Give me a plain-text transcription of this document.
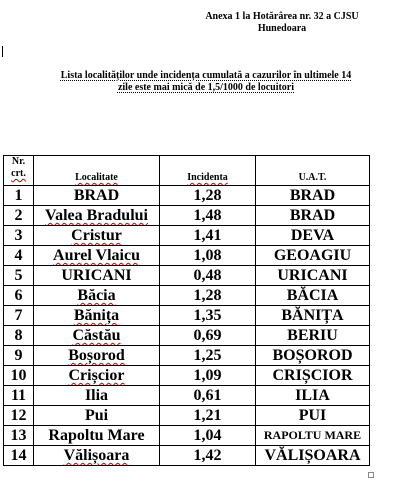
Anexa 1 la Hotărârea nr. 32 a CJSU
Hunedoara
Lista localităților unde incidența cumulată a cazurilor în ultimele 14
zile este mai mică de 1,5/1000 de locuitori
Nr.
crt.	Localitate	Incidenta	U.A.T.
1	BRAD	1,28	BRAD
2	Valea Bradului	1,48	BRAD
3	Cristur	1,41	DEVA
4	Aurel Vlaicu	1,08	GEOAGIU
5	URICANI	0,48	URICANI
6	Băcia	1,28	BĂCIA
7	Bănița	1,35	BĂNIȚA
8	Căstău	0,69	BERIU
9	Boșorod	1,25	BOȘOROD
10	Crișcior	1,09	CRIȘCIOR
11	Ilia	0,61	ILIA
12	Pui	1,21	PUI
13	Rapoltu Mare	1,04	RAPOLTU MARE
14	Vălișoara	1,42	VĂLIȘOARA
